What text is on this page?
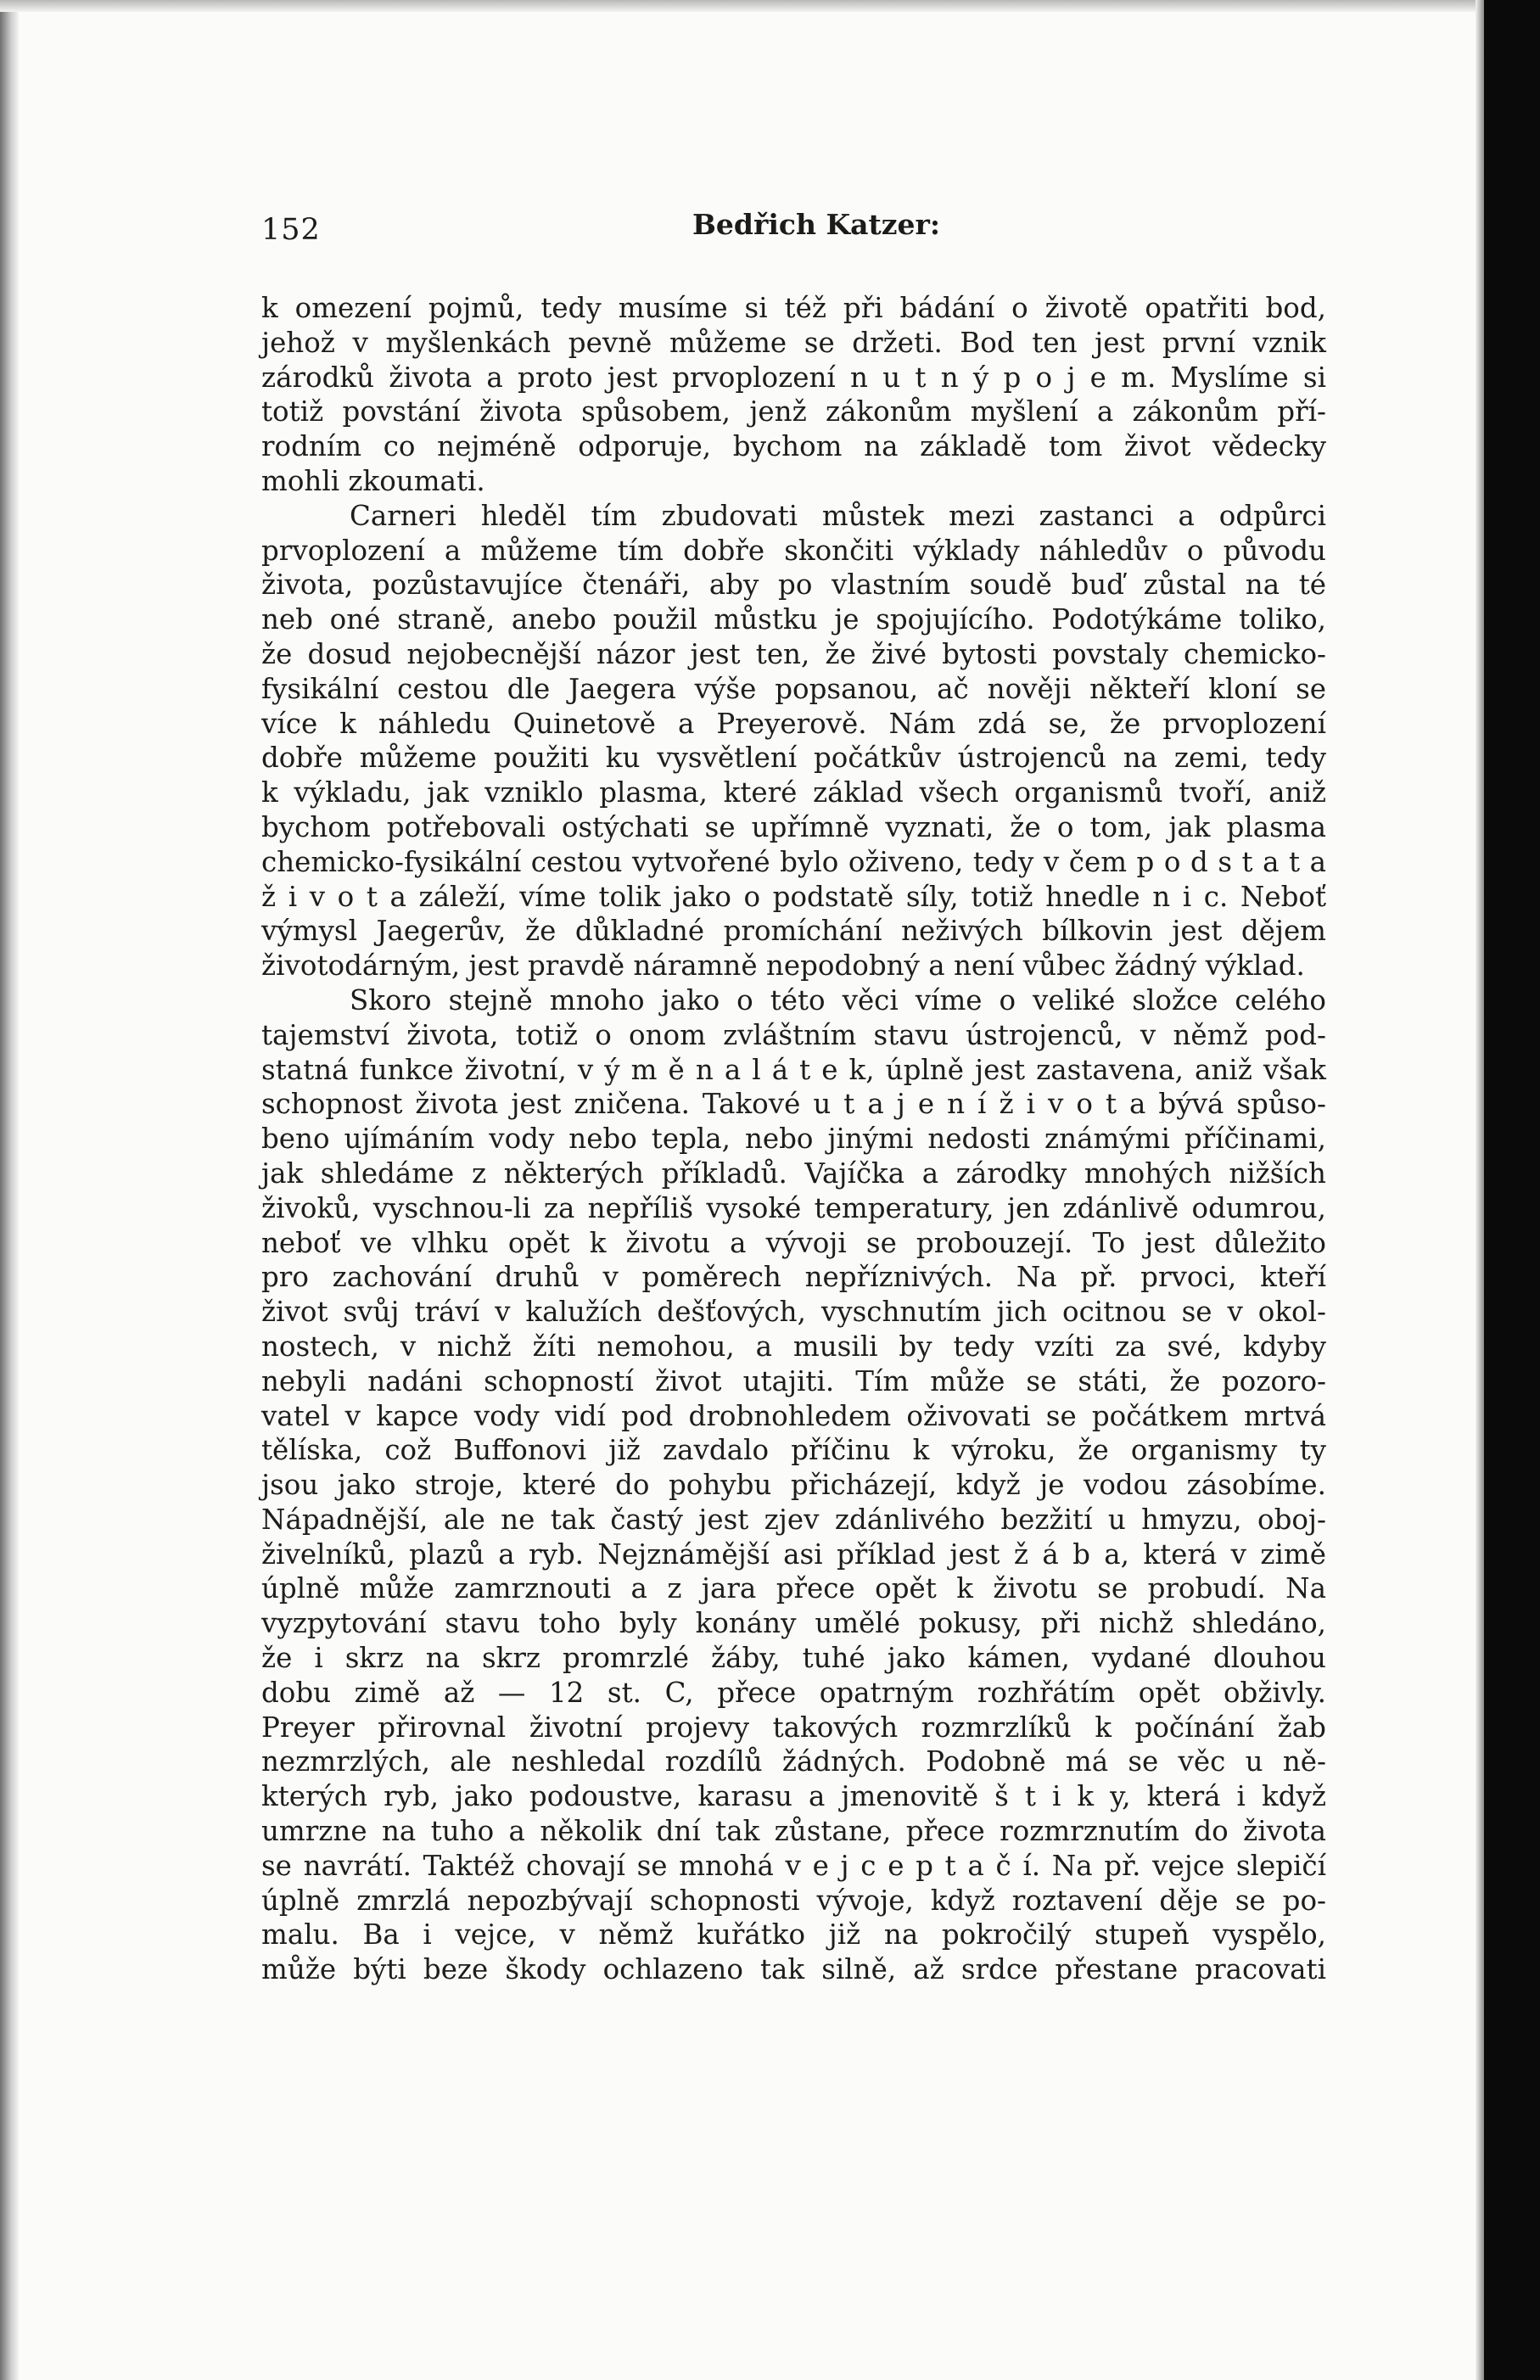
152	Bedřich Katzer:
k omezení pojmů, tedy musíme si též při bádání o životě opatřiti bod,
jehož v myšlenkách pevně můžeme se držeti. Bod ten jest první vznik
zárodků života a proto jest prvoplození n u t n ý p o j e m. Myslíme si
totiž povstání života spůsobem, jenž zákonům myšlení a zákonům pří-
rodním co nejméně odporuje, bychom na základě tom život vědecky
mohli zkoumati.
Carneri hleděl tím zbudovati můstek mezi zastanci a odpůrci
prvoplození a můžeme tím dobře skončiti výklady náhledův o původu
života, pozůstavujíce čtenáři, aby po vlastním soudě buď zůstal na té
neb oné straně, anebo použil můstku je spojujícího. Podotýkáme toliko,
že dosud nejobecnější názor jest ten, že živé bytosti povstaly chemicko-
fysikální cestou dle Jaegera výše popsanou, ač nověji někteří kloní se
více k náhledu Quinetově a Preyerově. Nám zdá se, že prvoplození
dobře můžeme použiti ku vysvětlení počátkův ústrojenců na zemi, tedy
k výkladu, jak vzniklo plasma, které základ všech organismů tvoří, aniž
bychom potřebovali ostýchati se upřímně vyznati, že o tom, jak plasma
chemicko-fysikální cestou vytvořené bylo oživeno, tedy v čem p o d s t a t a
ž i v o t a záleží, víme tolik jako o podstatě síly, totiž hnedle n i c. Neboť
výmysl Jaegerův, že důkladné promíchání neživých bílkovin jest dějem
životodárným, jest pravdě náramně nepodobný a není vůbec žádný výklad.
Skoro stejně mnoho jako o této věci víme o veliké složce celého
tajemství života, totiž o onom zvláštním stavu ústrojenců, v němž pod-
statná funkce životní, v ý m ě n a l á t e k, úplně jest zastavena, aniž však
schopnost života jest zničena. Takové u t a j e n í ž i v o t a bývá spůso-
beno ujímáním vody nebo tepla, nebo jinými nedosti známými příčinami,
jak shledáme z některých příkladů. Vajíčka a zárodky mnohých nižších
živoků, vyschnou-li za nepříliš vysoké temperatury, jen zdánlivě odumrou,
neboť ve vlhku opět k životu a vývoji se probouzejí. To jest důležito
pro zachování druhů v poměrech nepříznivých. Na př. prvoci, kteří
život svůj tráví v kalužích dešťových, vyschnutím jich ocitnou se v okol-
nostech, v nichž žíti nemohou, a musili by tedy vzíti za své, kdyby
nebyli nadáni schopností život utajiti. Tím může se státi, že pozoro-
vatel v kapce vody vidí pod drobnohledem oživovati se počátkem mrtvá
tělíska, což Buffonovi již zavdalo příčinu k výroku, že organismy ty
jsou jako stroje, které do pohybu přicházejí, když je vodou zásobíme.
Nápadnější, ale ne tak častý jest zjev zdánlivého bezžití u hmyzu, oboj-
živelníků, plazů a ryb. Nejznámější asi příklad jest ž á b a, která v zimě
úplně může zamrznouti a z jara přece opět k životu se probudí. Na
vyzpytování stavu toho byly konány umělé pokusy, při nichž shledáno,
že i skrz na skrz promrzlé žáby, tuhé jako kámen, vydané dlouhou
dobu zimě až — 12 st. C, přece opatrným rozhřátím opět obživly.
Preyer přirovnal životní projevy takových rozmrzlíků k počínání žab
nezmrzlých, ale neshledal rozdílů žádných. Podobně má se věc u ně-
kterých ryb, jako podoustve, karasu a jmenovitě š t i k y, která i když
umrzne na tuho a několik dní tak zůstane, přece rozmrznutím do života
se navrátí. Taktéž chovají se mnohá v e j c e p t a č í. Na př. vejce slepičí
úplně zmrzlá nepozbývají schopnosti vývoje, když roztavení děje se po-
malu. Ba i vejce, v němž kuřátko již na pokročilý stupeň vyspělo,
může býti beze škody ochlazeno tak silně, až srdce přestane pracovati
